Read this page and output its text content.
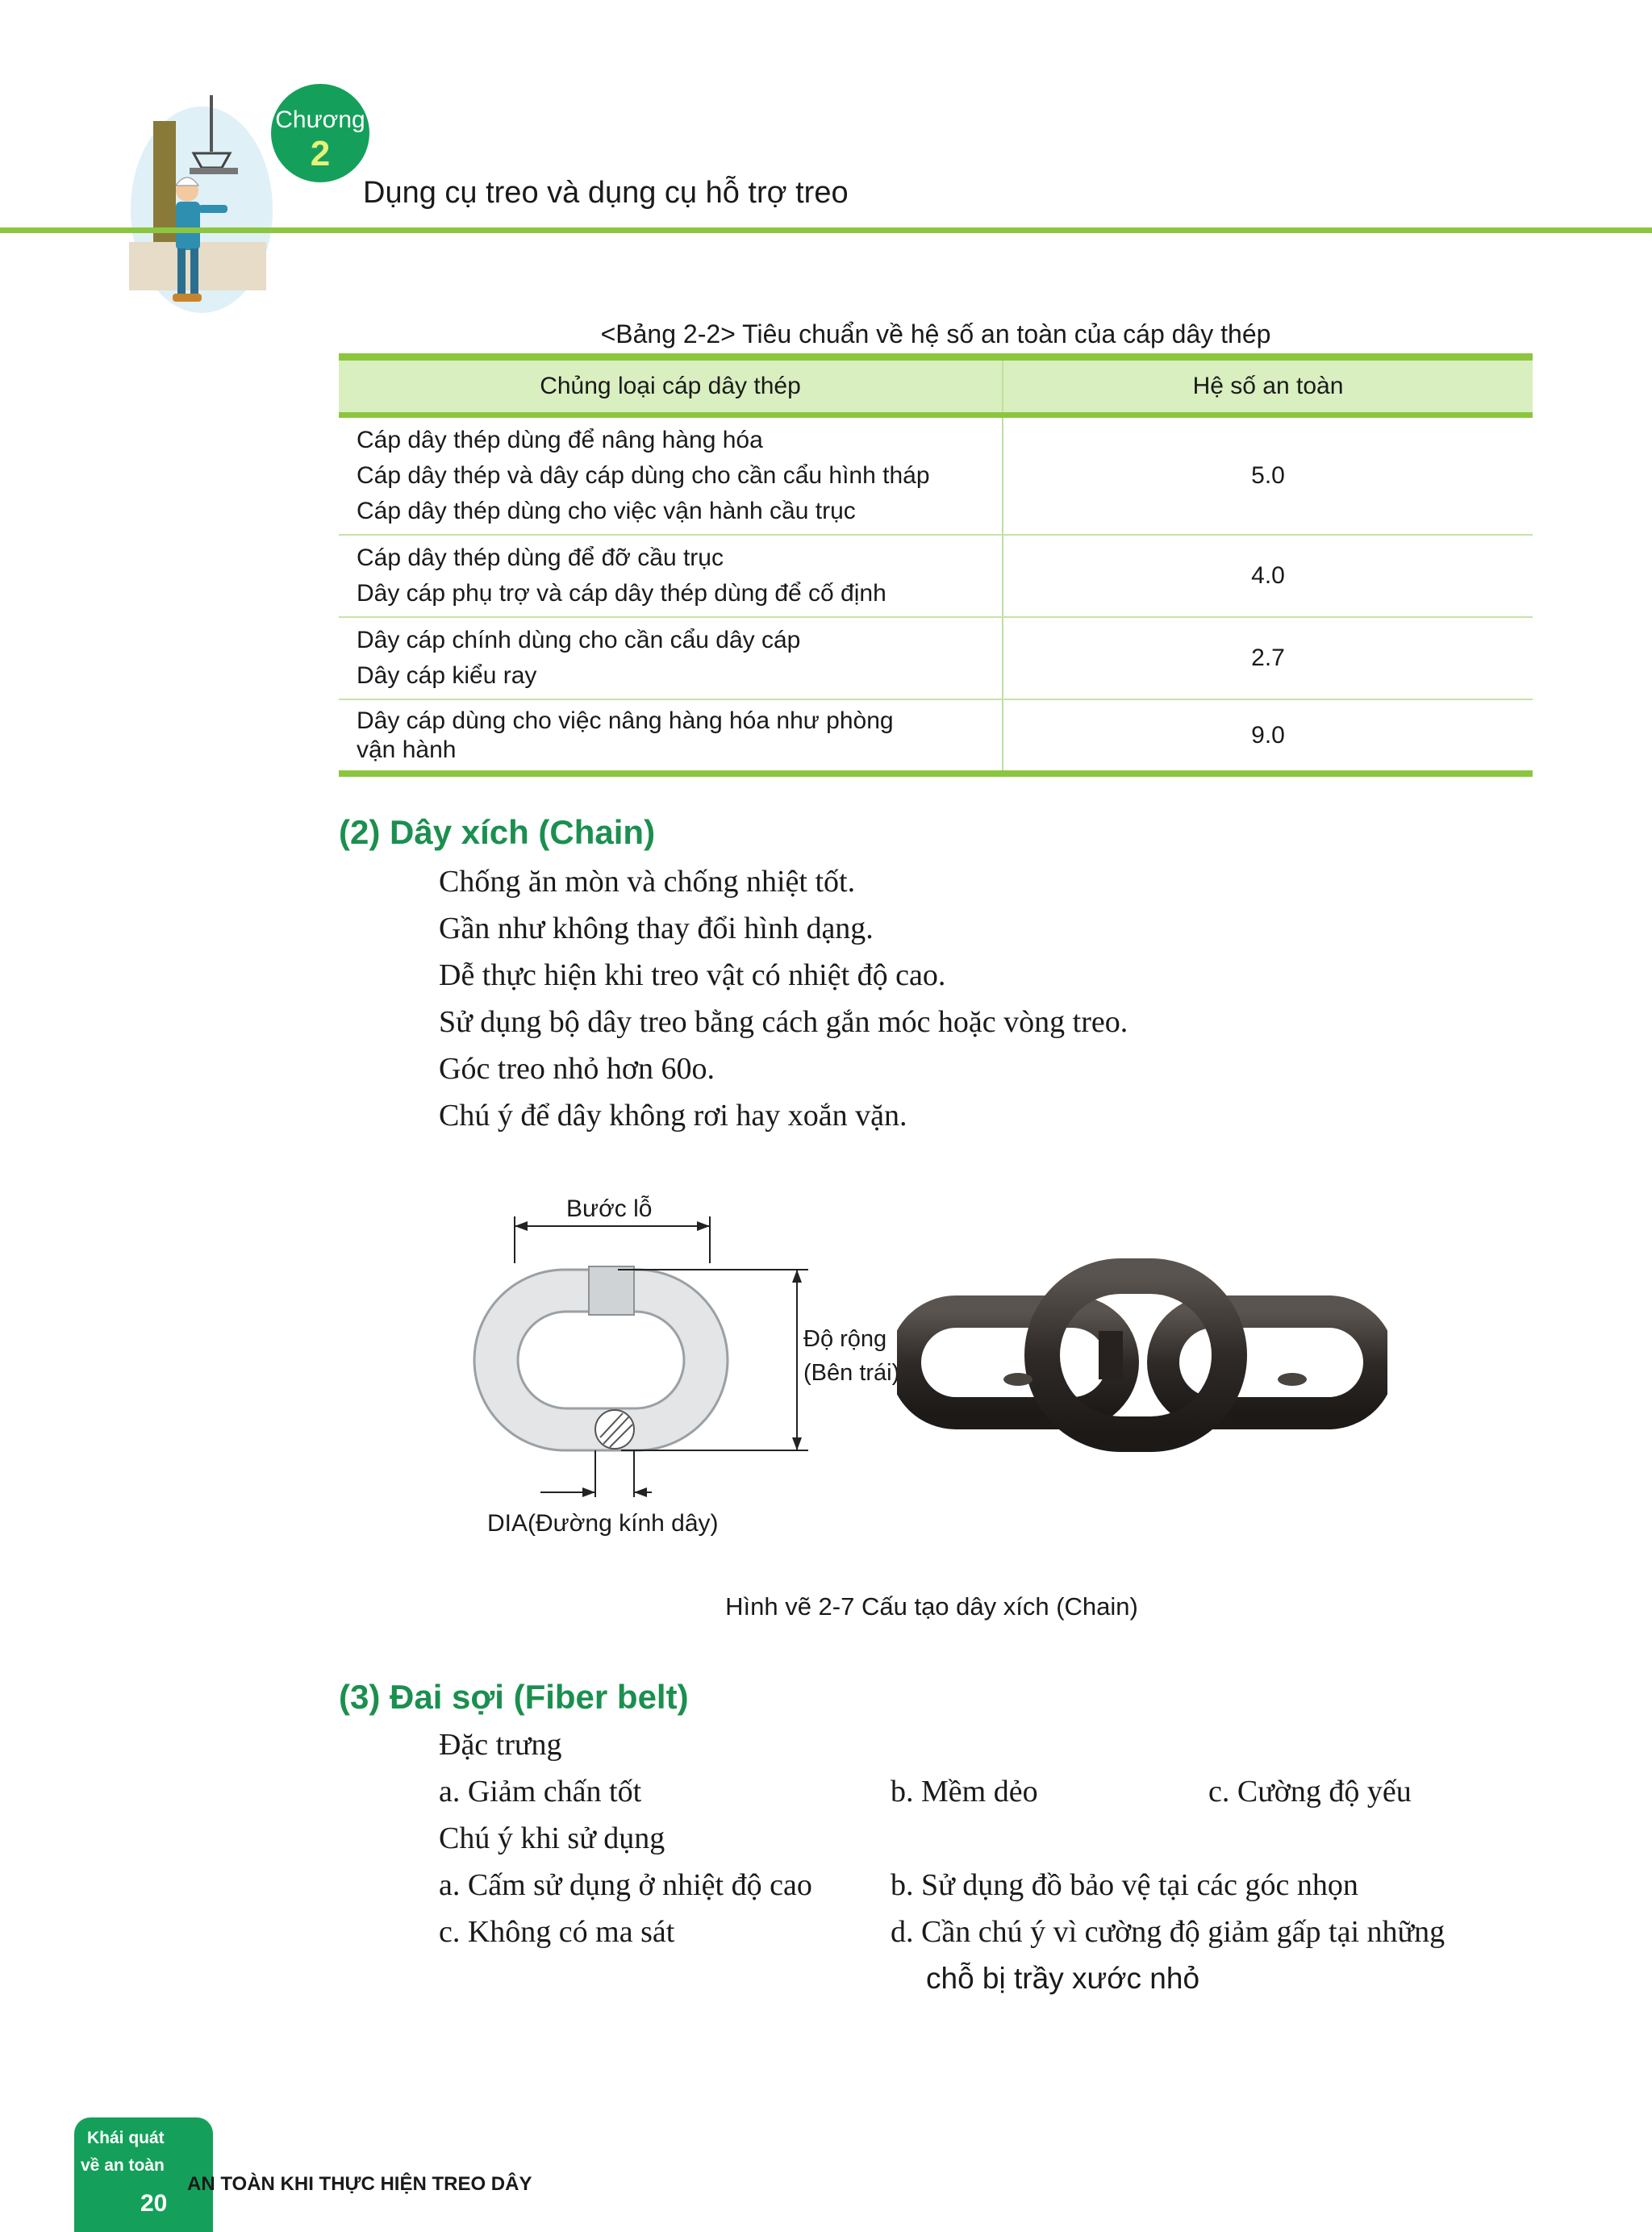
Chương
2
Dụng cụ treo và dụng cụ hỗ trợ treo
<Bảng 2-2> Tiêu chuẩn về hệ số an toàn của cáp dây thép
Chủng loại cáp dây thép	Hệ số an toàn

Cáp dây thép dùng để nâng hàng hóa
Cáp dây thép và dây cáp dùng cho cần cẩu hình tháp
Cáp dây thép dùng cho việc vận hành cầu trục	5.0

Cáp dây thép dùng để đỡ cầu trục
Dây cáp phụ trợ và cáp dây thép dùng để cố định	4.0

Dây cáp chính dùng cho cần cẩu dây cáp
Dây cáp kiểu ray	2.7

Dây cáp dùng cho việc nâng hàng hóa như phòng
vận hành	9.0
(2) Dây xích (Chain)
Chống ăn mòn và chống nhiệt tốt.
Gần như không thay đổi hình dạng.
Dễ thực hiện khi treo vật có nhiệt độ cao.
Sử dụng bộ dây treo bằng cách gắn móc hoặc vòng treo.
Góc treo nhỏ hơn 60o.
Chú ý để dây không rơi hay xoắn vặn.
Bước lỗ
Độ rộng
(Bên trái)
DIA(Đường kính dây)
Hình vẽ 2-7 Cấu tạo dây xích (Chain)
(3) Đai sợi (Fiber belt)
Đặc trưng
a. Giảm chấn tốt	b. Mềm dẻo	c. Cường độ yếu
Chú ý khi sử dụng
a. Cấm sử dụng ở nhiệt độ cao	b. Sử dụng đồ bảo vệ tại các góc nhọn
c. Không có ma sát	d. Cần chú ý vì cường độ giảm gấp tại những
chỗ bị trầy xước nhỏ
Khái quát
về an toàn
20
AN TOÀN KHI THỰC HIỆN TREO DÂY
